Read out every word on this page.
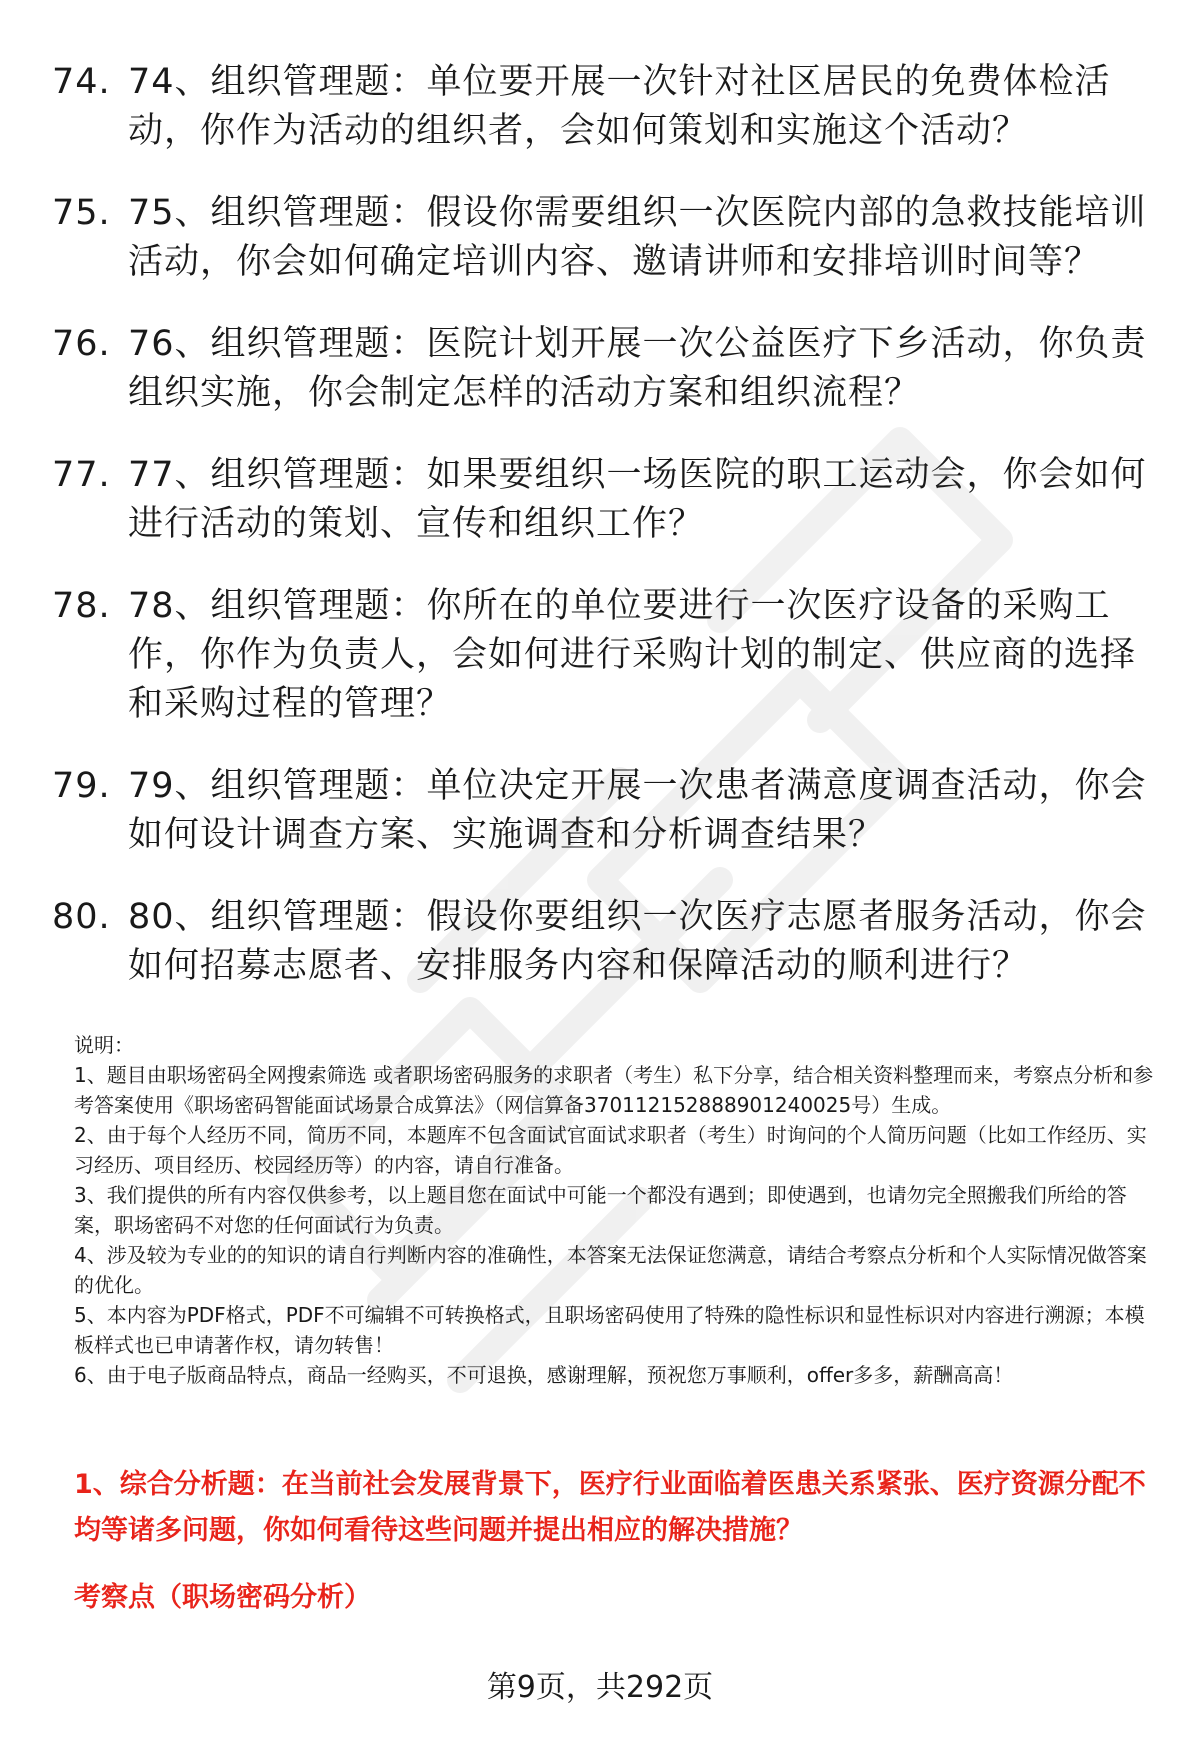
74. 74、组织管理题：单位要开展一次针对社区居民的免费体检活动，你作为活动的组织者，会如何策划和实施这个活动？
75. 75、组织管理题：假设你需要组织一次医院内部的急救技能培训活动，你会如何确定培训内容、邀请讲师和安排培训时间等？
76. 76、组织管理题：医院计划开展一次公益医疗下乡活动，你负责组织实施，你会制定怎样的活动方案和组织流程？
77. 77、组织管理题：如果要组织一场医院的职工运动会，你会如何进行活动的策划、宣传和组织工作？
78. 78、组织管理题：你所在的单位要进行一次医疗设备的采购工作，你作为负责人，会如何进行采购计划的制定、供应商的选择和采购过程的管理？
79. 79、组织管理题：单位决定开展一次患者满意度调查活动，你会如何设计调查方案、实施调查和分析调查结果？
80. 80、组织管理题：假设你要组织一次医疗志愿者服务活动，你会如何招募志愿者、安排服务内容和保障活动的顺利进行？

说明：

1、题目由职场密码全网搜索筛选 或者职场密码服务的求职者（考生）私下分享，结合相关资料整理而来，考察点分析和参考答案使用《职场密码智能面试场景合成算法》（网信算备370112152888901240025号）生成。

2、由于每个人经历不同，简历不同，本题库不包含面试官面试求职者（考生）时询问的个人简历问题（比如工作经历、实习经历、项目经历、校园经历等）的内容，请自行准备。

3、我们提供的所有内容仅供参考，以上题目您在面试中可能一个都没有遇到；即使遇到，也请勿完全照搬我们所给的答案，职场密码不对您的任何面试行为负责。

4、涉及较为专业的的知识的请自行判断内容的准确性，本答案无法保证您满意，请结合考察点分析和个人实际情况做答案的优化。

5、本内容为PDF格式，PDF不可编辑不可转换格式，且职场密码使用了特殊的隐性标识和显性标识对内容进行溯源；本模板样式也已申请著作权，请勿转售！

6、由于电子版商品特点，商品一经购买，不可退换，感谢理解，预祝您万事顺利，offer多多，薪酬高高！

1、综合分析题：在当前社会发展背景下，医疗行业面临着医患关系紧张、医疗资源分配不均等诸多问题，你如何看待这些问题并提出相应的解决措施？
考察点（职场密码分析）
第9页，共292页
